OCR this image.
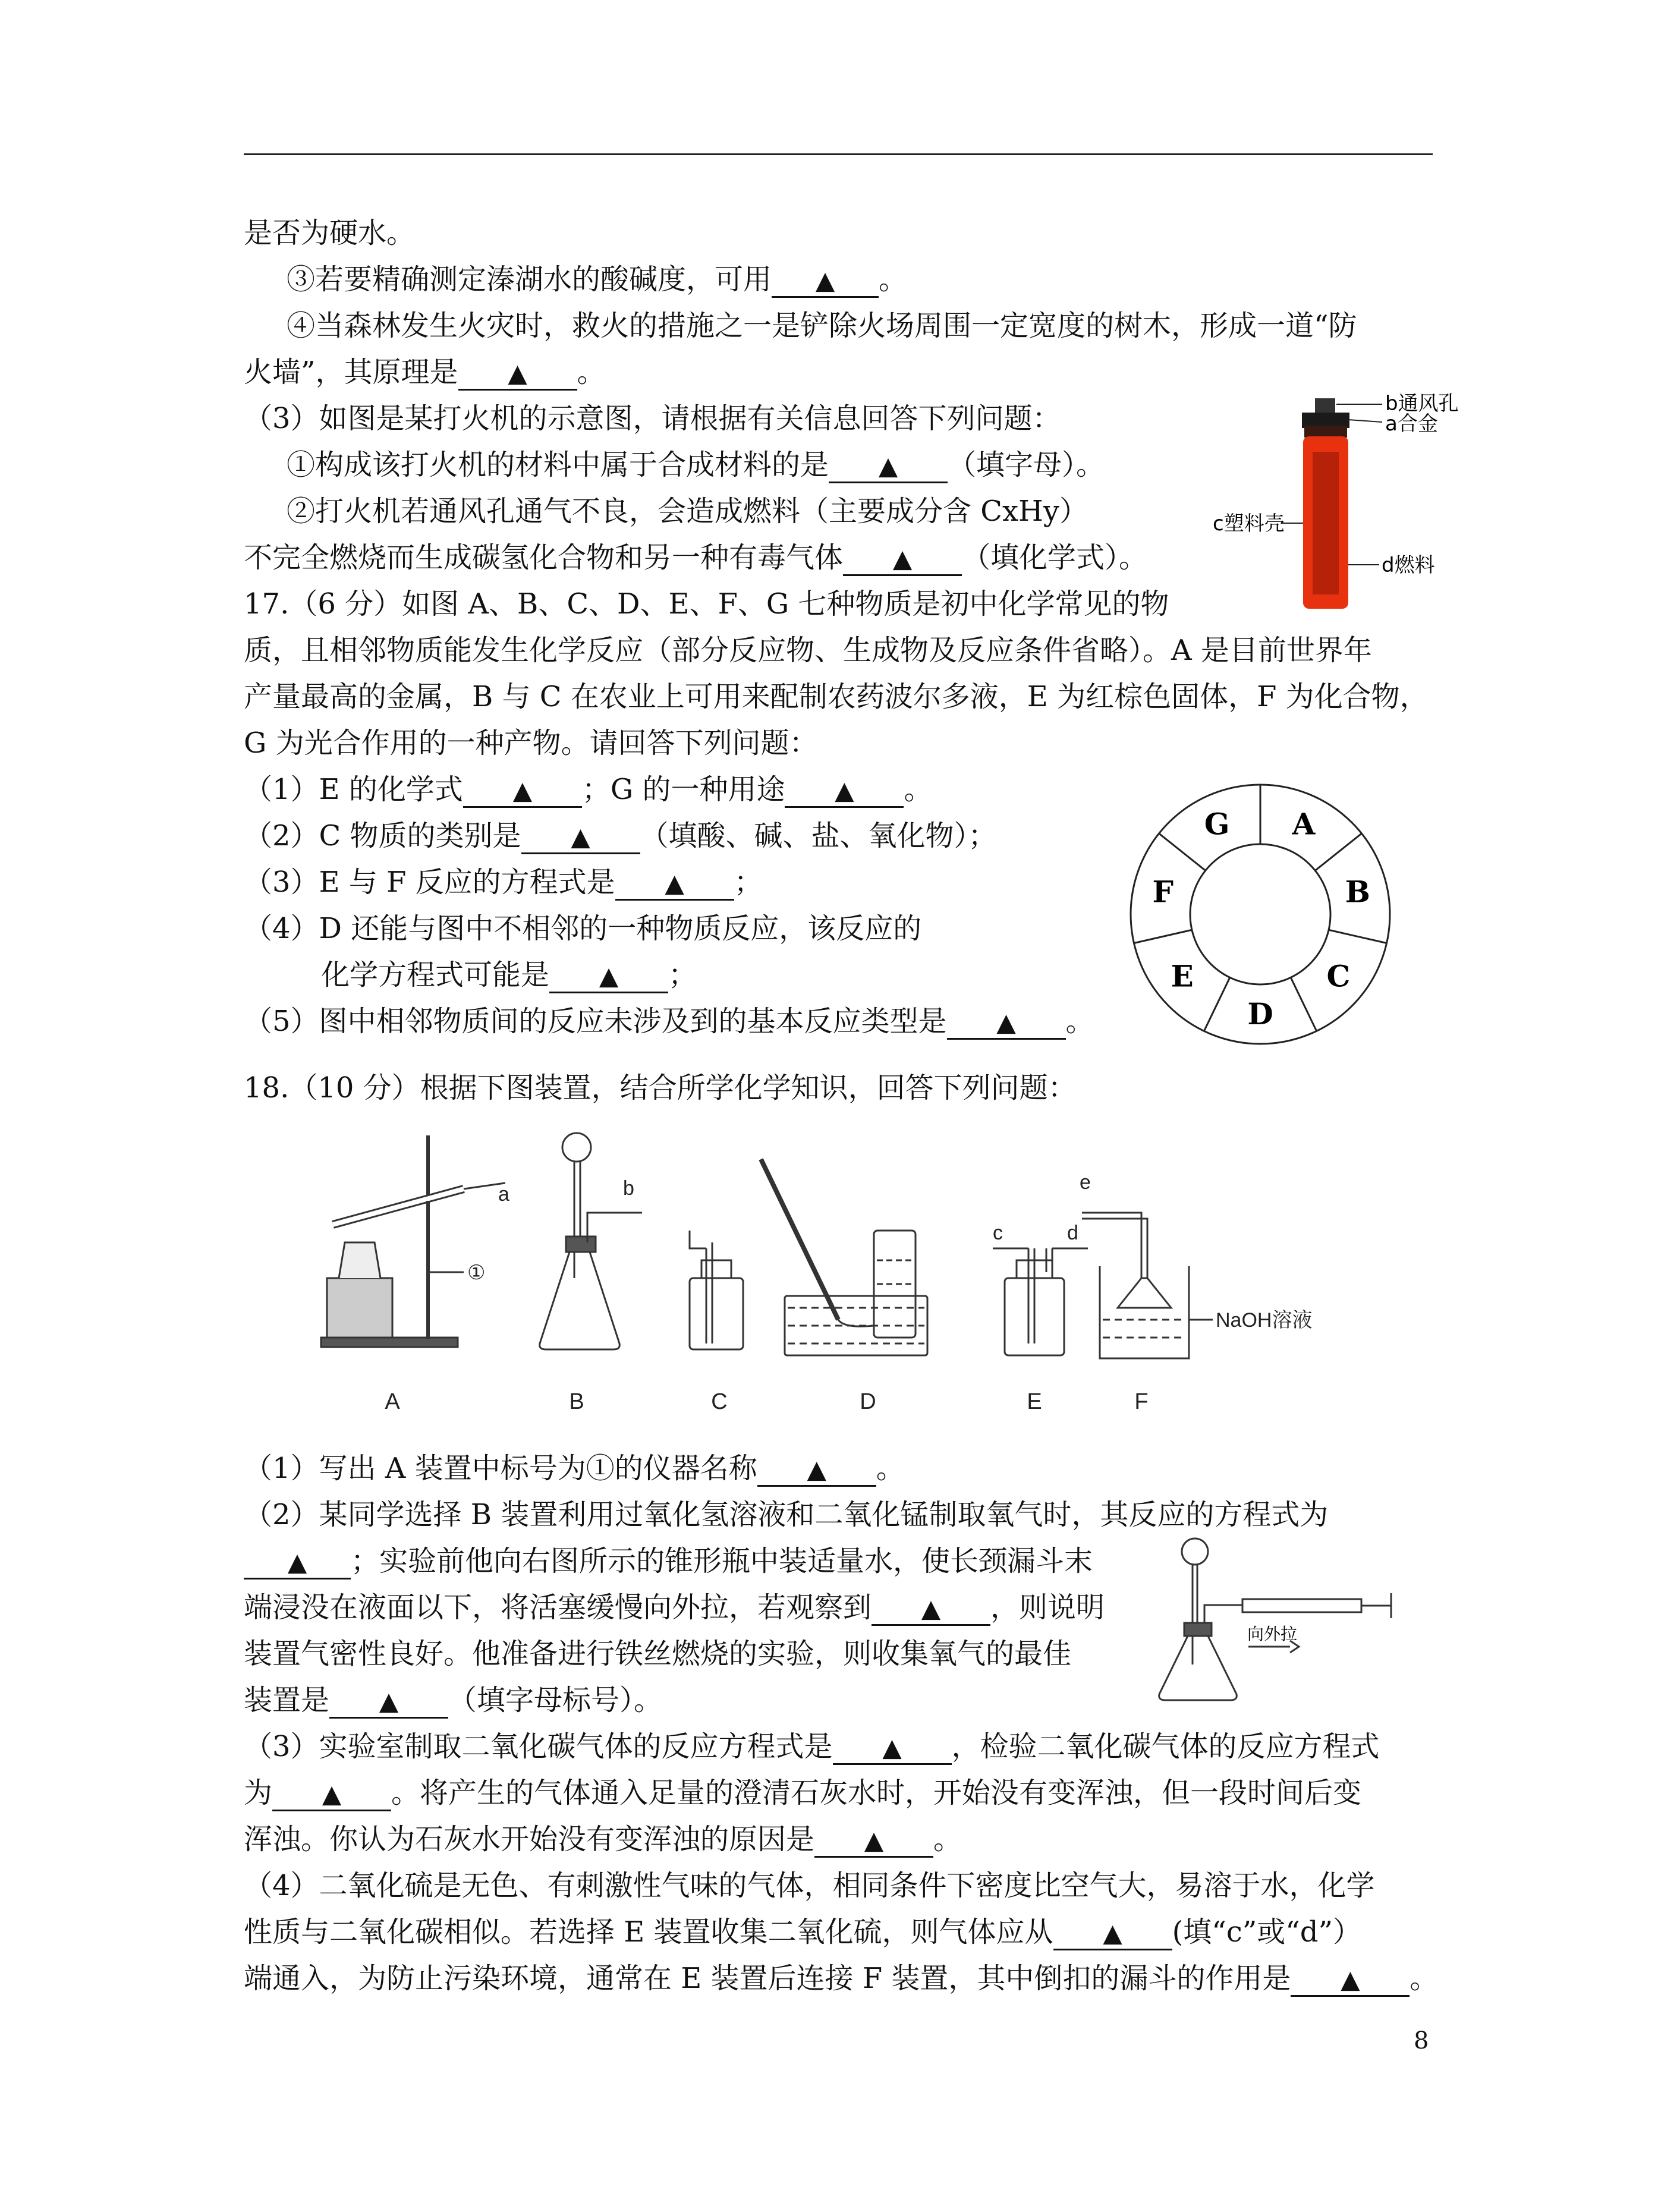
是否为硬水。
③若要精确测定溱湖水的酸碱度，可用 ▲ 。
④当森林发生火灾时，救火的措施之一是铲除火场周围一定宽度的树木，形成一道“防
火墙”，其原理是 ▲ 。
（3）如图是某打火机的示意图，请根据有关信息回答下列问题：
①构成该打火机的材料中属于合成材料的是 ▲ （填字母）。
②打火机若通风孔通气不良，会造成燃料（主要成分含 CxHy）
不完全燃烧而生成碳氢化合物和另一种有毒气体 ▲ （填化学式）。
17.（6 分）如图 A、B、C、D、E、F、G 七种物质是初中化学常见的物
质，且相邻物质能发生化学反应（部分反应物、生成物及反应条件省略）。A 是目前世界年
产量最高的金属，B 与 C 在农业上可用来配制农药波尔多液，E 为红棕色固体，F 为化合物，
G 为光合作用的一种产物。请回答下列问题：
（1）E 的化学式 ▲ ；G 的一种用途 ▲ 。
（2）C 物质的类别是 ▲ （填酸、碱、盐、氧化物）；
（3）E 与 F 反应的方程式是 ▲ ；
（4）D 还能与图中不相邻的一种物质反应，该反应的
化学方程式可能是 ▲ ；
（5）图中相邻物质间的反应未涉及到的基本反应类型是 ▲ 。
18.（10 分）根据下图装置，结合所学化学知识，回答下列问题：
（1）写出 A 装置中标号为①的仪器名称 ▲ 。
（2）某同学选择 B 装置利用过氧化氢溶液和二氧化锰制取氧气时，其反应的方程式为
▲ ；实验前他向右图所示的锥形瓶中装适量水，使长颈漏斗末
端浸没在液面以下，将活塞缓慢向外拉，若观察到 ▲ ，则说明
装置气密性良好。他准备进行铁丝燃烧的实验，则收集氧气的最佳
装置是 ▲ （填字母标号）。
（3）实验室制取二氧化碳气体的反应方程式是 ▲ ，检验二氧化碳气体的反应方程式
为 ▲ 。将产生的气体通入足量的澄清石灰水时，开始没有变浑浊，但一段时间后变
浑浊。你认为石灰水开始没有变浑浊的原因是 ▲ 。
（4）二氧化硫是无色、有刺激性气味的气体，相同条件下密度比空气大，易溶于水，化学
性质与二氧化碳相似。若选择 E 装置收集二氧化硫，则气体应从 ▲ (填“c”或“d”）
端通入，为防止污染环境，通常在 E 装置后连接 F 装置，其中倒扣的漏斗的作用是 ▲ 。
b通风孔
a合金
c塑料壳
d燃料
G A
B
C
D
E
F
A	B	C	D	E	F
a	b
c	d
e
①
NaOH溶液
向外拉
8
